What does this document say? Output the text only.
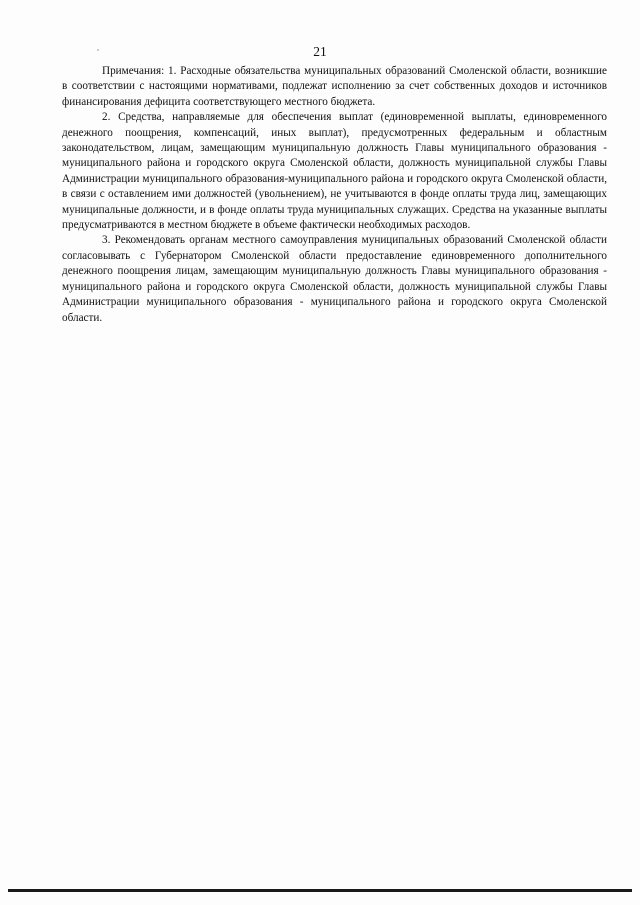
21

Примечания: 1. Расходные обязательства муниципальных образований Смоленской области, возникшие в соответствии с настоящими нормативами, подлежат исполнению за счет собственных доходов и источников финансирования дефицита соответствующего местного бюджета.

2. Средства, направляемые для обеспечения выплат (единовременной выплаты, единовременного денежного поощрения, компенсаций, иных выплат), предусмотренных федеральным и областным законодательством, лицам, замещающим муниципальную должность Главы муниципального образования - муниципального района и городского округа Смоленской области, должность муниципальной службы Главы Администрации муниципального образования-муниципального района и городского округа Смоленской области, в связи с оставлением ими должностей (увольнением), не учитываются в фонде оплаты труда лиц, замещающих муниципальные должности, и в фонде оплаты труда муниципальных служащих. Средства на указанные выплаты предусматриваются в местном бюджете в объеме фактически необходимых расходов.

3. Рекомендовать органам местного самоуправления муниципальных образований Смоленской области согласовывать с Губернатором Смоленской области предоставление единовременного дополнительного денежного поощрения лицам, замещающим муниципальную должность Главы муниципального образования - муниципального района и городского округа Смоленской области, должность муниципальной службы Главы Администрации муниципального образования - муниципального района и городского округа Смоленской области.
